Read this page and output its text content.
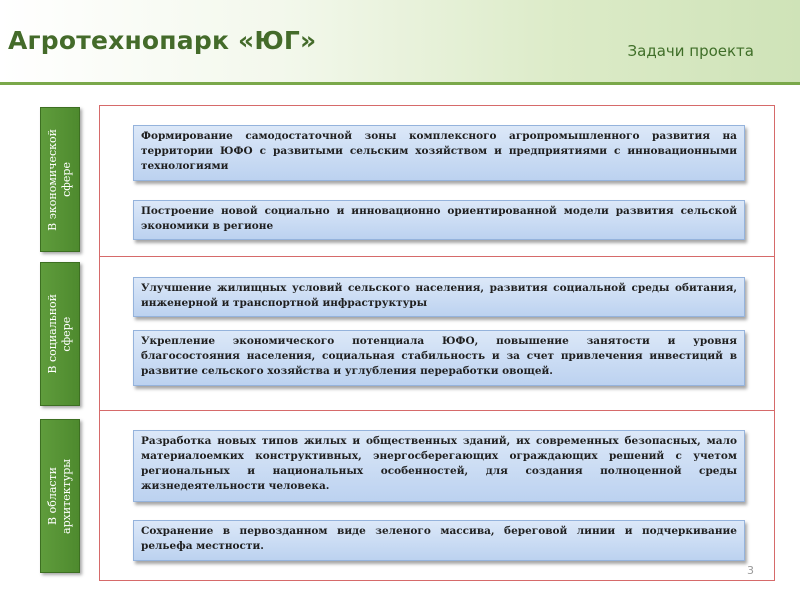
Агротехнопарк «ЮГ»	Задачи проекта
В экономической
сфере
В социальной
сфере
В области
архитектуры
Формирование самодостаточной зоны комплексного агропромышленного развития на территории ЮФО с развитыми сельским хозяйством и предприятиями с инновационными технологиями
Построение новой социально и инновационно ориентированной модели развития сельской экономики в регионе
Улучшение жилищных условий сельского населения, развития социальной среды обитания, инженерной и транспортной инфраструктуры
Укрепление экономического потенциала ЮФО, повышение занятости и уровня благосостояния населения, социальная стабильность и за счет привлечения инвестиций в развитие сельского хозяйства и углубления переработки овощей.
Разработка новых типов жилых и общественных зданий, их современных безопасных, мало материалоемких конструктивных, энергосберегающих ограждающих решений с учетом региональных и национальных особенностей, для создания полноценной среды жизнедеятельности человека.
Сохранение в первозданном виде зеленого массива, береговой линии и подчеркивание рельефа местности.
3
